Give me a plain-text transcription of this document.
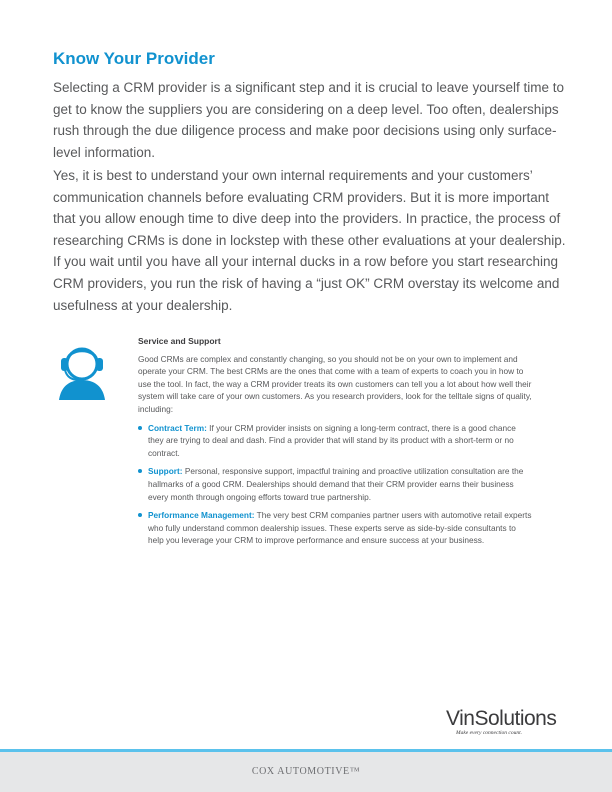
Know Your Provider

Selecting a CRM provider is a significant step and it is crucial to leave yourself time to get to know the suppliers you are considering on a deep level. Too often, dealerships rush through the due diligence process and make poor decisions using only surface-level information.

Yes, it is best to understand your own internal requirements and your customers’ communication channels before evaluating CRM providers. But it is more important that you allow enough time to dive deep into the providers. In practice, the process of researching CRMs is done in lockstep with these other evaluations at your dealership. If you wait until you have all your internal ducks in a row before you start researching CRM providers, you run the risk of having a “just OK” CRM overstay its welcome and usefulness at your dealership.

Service and Support

Good CRMs are complex and constantly changing, so you should not be on your own to implement and operate your CRM. The best CRMs are the ones that come with a team of experts to coach you in how to use the tool. In fact, the way a CRM provider treats its own customers can tell you a lot about how well their system will take care of your own customers. As you research providers, look for the telltale signs of quality, including:

Contract Term: If your CRM provider insists on signing a long-term contract, there is a good chance they are trying to deal and dash. Find a provider that will stand by its product with a short-term or no contract.
Support: Personal, responsive support, impactful training and proactive utilization consultation are the hallmarks of a good CRM. Dealerships should demand that their CRM provider earns their business every month through ongoing efforts toward true partnership.
Performance Management: The very best CRM companies partner users with automotive retail experts who fully understand common dealership issues. These experts serve as side-by-side consultants to help you leverage your CRM to improve performance and ensure success at your business.
VinSolutions
Make every connection count.
COX AUTOMOTIVE™
